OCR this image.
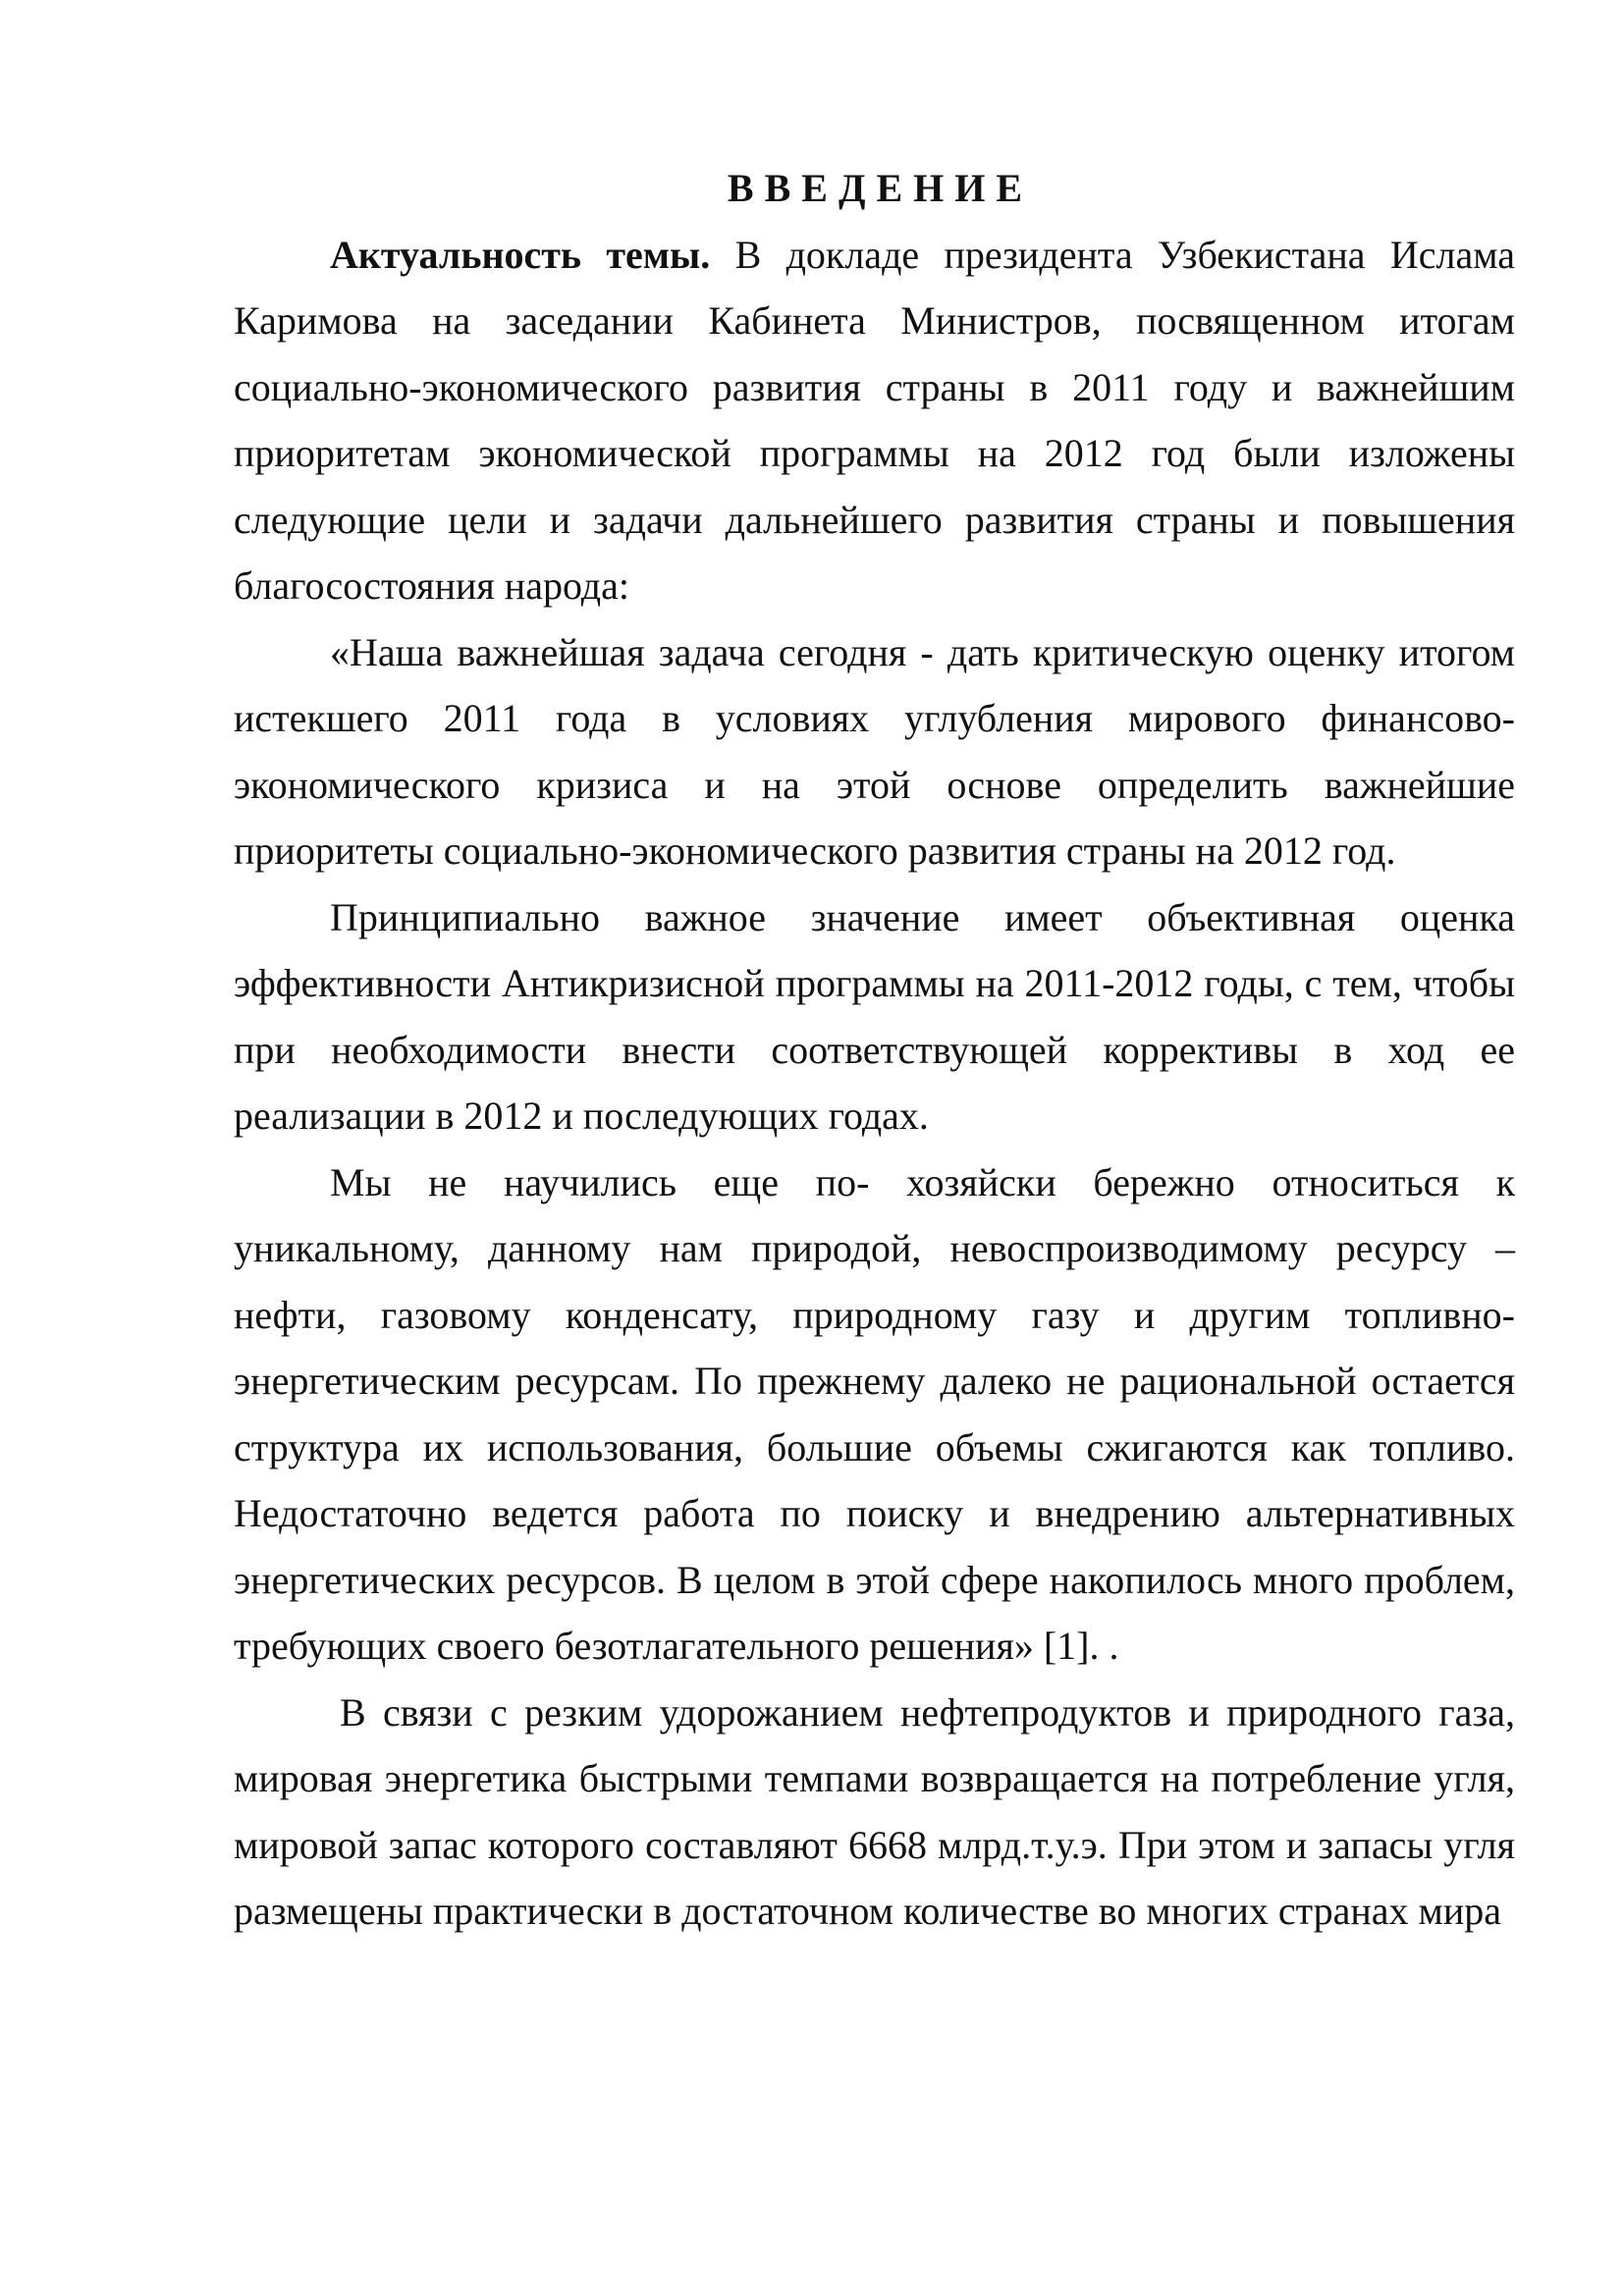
ВВЕДЕНИЕ

Актуальность темы. В докладе президента Узбекистана Ислама Каримова на заседании Кабинета Министров, посвященном итогам социально-экономического развития страны в 2011 году и важнейшим приоритетам экономической программы на 2012 год были изложены следующие цели и задачи дальнейшего развития страны и повышения благосостояния народа:

«Наша важнейшая задача сегодня - дать критическую оценку итогом истекшего 2011 года в условиях углубления мирового финансово-экономического кризиса и на этой основе определить важнейшие приоритеты социально-экономического развития страны на 2012 год.

Принципиально важное значение имеет объективная оценка эффективности Антикризисной программы на 2011-2012 годы, с тем, чтобы при необходимости внести соответствующей коррективы в ход ее реализации в 2012 и последующих годах.

Мы не научились еще по- хозяйски бережно относиться к уникальному, данному нам природой, невоспроизводимому ресурсу – нефти, газовому конденсату, природному газу и другим топливно-энергетическим ресурсам. По прежнему далеко не рациональной остается структура их использования, большие объемы сжигаются как топливо. Недостаточно ведется работа по поиску и внедрению альтернативных энергетических ресурсов. В целом в этой сфере накопилось много проблем, требующих своего безотлагательного решения» [1]. .

В связи с резким удорожанием нефтепродуктов и природного газа, мировая энергетика быстрыми темпами возвращается на потребление угля, мировой запас которого составляют 6668 млрд.т.у.э. При этом и запасы угля размещены практически в достаточном количестве во многих странах мира
